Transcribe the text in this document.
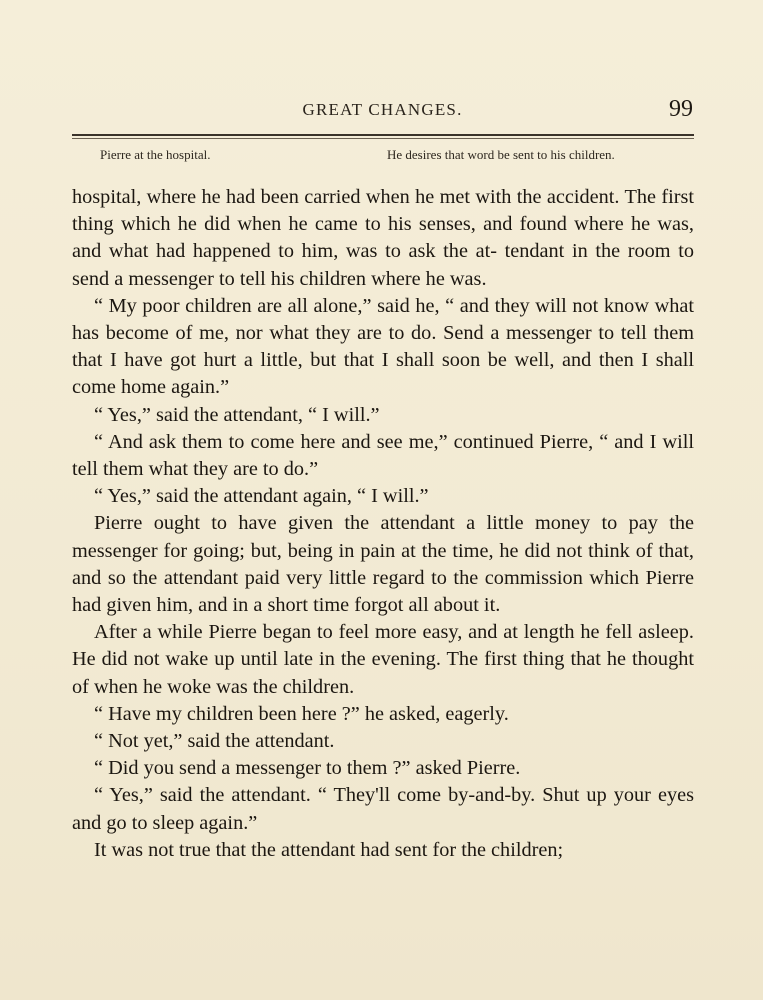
GREAT CHANGES.	99
Pierre at the hospital.	He desires that word be sent to his children.

hospital, where he had been carried when he met with the accident. The first thing which he did when he came to his senses, and found where he was, and what had happened to him, was to ask the at- tendant in the room to send a messenger to tell his children where he was.

“ My poor children are all alone,” said he, “ and they will not know what has become of me, nor what they are to do. Send a messenger to tell them that I have got hurt a little, but that I shall soon be well, and then I shall come home again.”

“ Yes,” said the attendant, “ I will.”

“ And ask them to come here and see me,” continued Pierre, “ and I will tell them what they are to do.”

“ Yes,” said the attendant again, “ I will.”

Pierre ought to have given the attendant a little money to pay the messenger for going; but, being in pain at the time, he did not think of that, and so the attendant paid very little regard to the commission which Pierre had given him, and in a short time forgot all about it.

After a while Pierre began to feel more easy, and at length he fell asleep. He did not wake up until late in the evening. The first thing that he thought of when he woke was the children.

“ Have my children been here ?” he asked, eagerly.

“ Not yet,” said the attendant.

“ Did you send a messenger to them ?” asked Pierre.

“ Yes,” said the attendant. “ They'll come by-and-by. Shut up your eyes and go to sleep again.”

It was not true that the attendant had sent for the children;
